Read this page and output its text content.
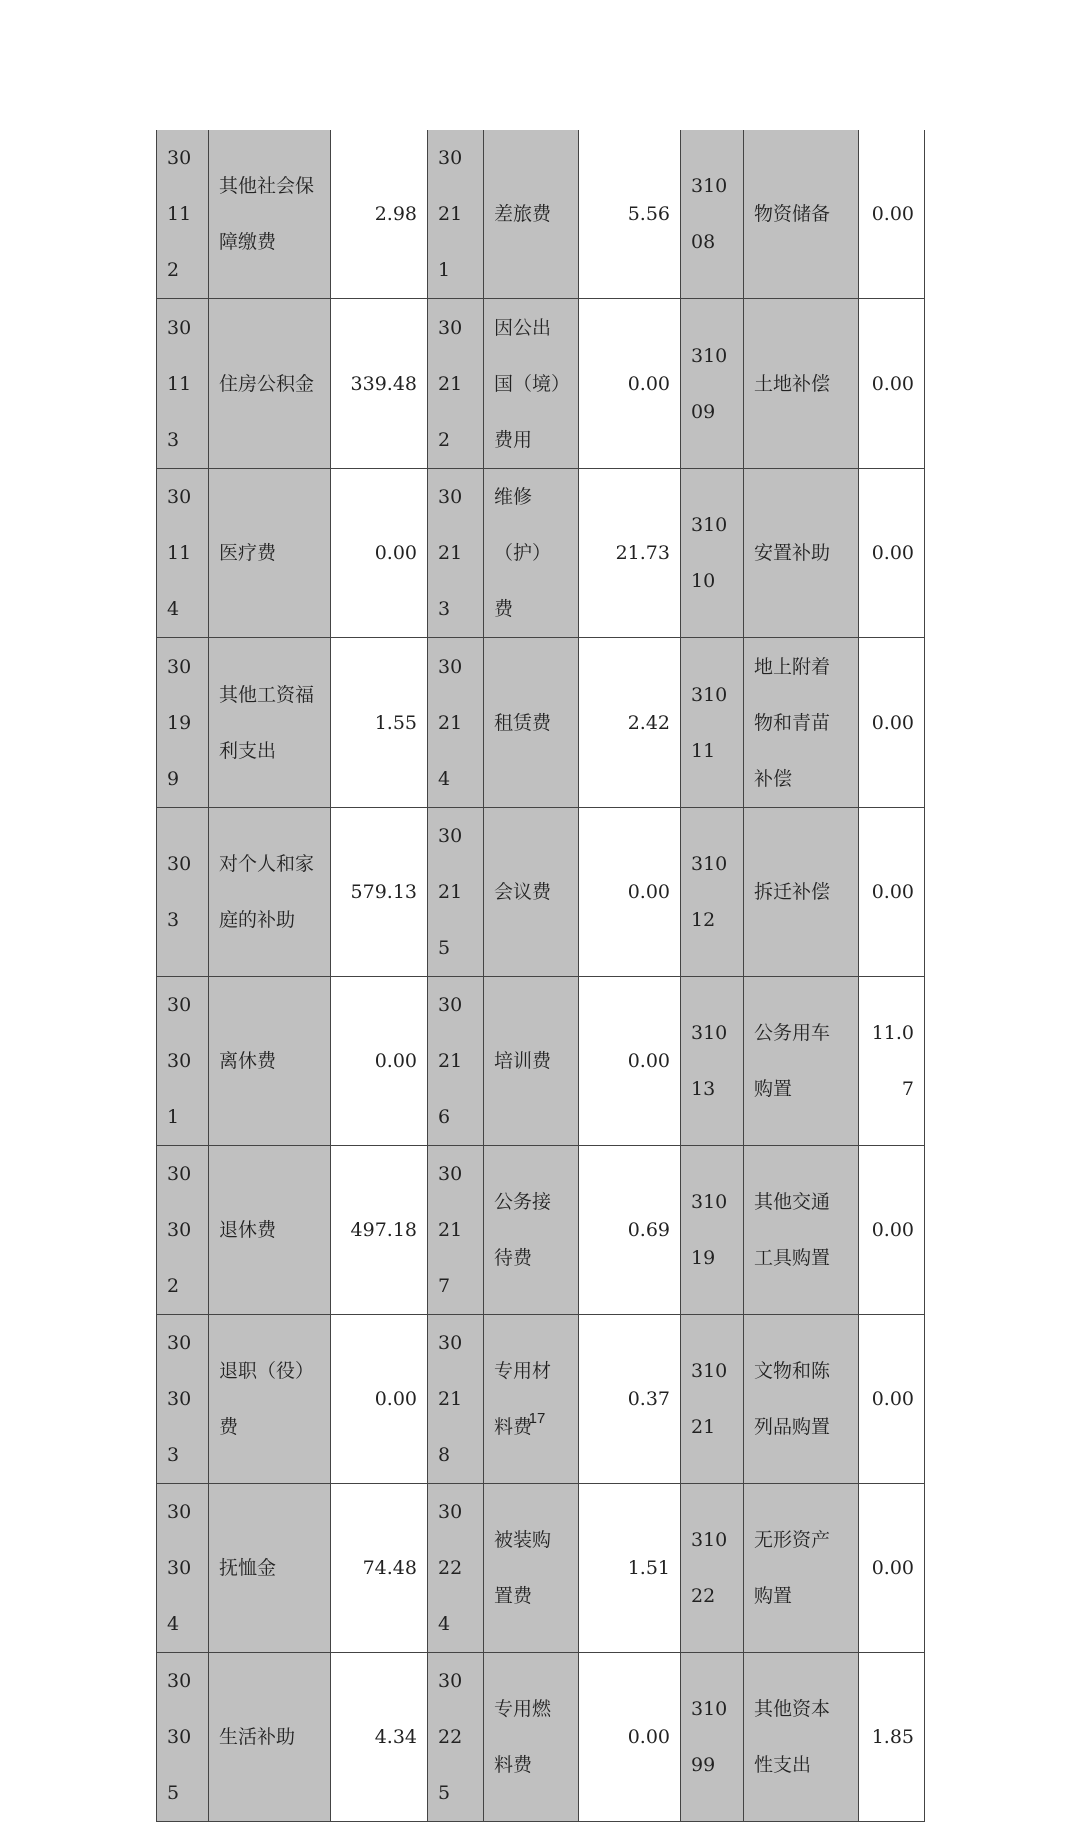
30112	其他社会保障缴费	2.98	30211	差旅费	5.56	31008	物资储备	0.00
30113	住房公积金	339.48	30212	因公出国（境）费用	0.00	31009	土地补偿	0.00
30114	医疗费	0.00	30213	维修（护）费	21.73	31010	安置补助	0.00
30199	其他工资福利支出	1.55	30214	租赁费	2.42	31011	地上附着物和青苗补偿	0.00
303	对个人和家庭的补助	579.13	30215	会议费	0.00	31012	拆迁补偿	0.00
30301	离休费	0.00	30216	培训费	0.00	31013	公务用车购置	11.07
30302	退休费	497.18	30217	公务接待费	0.69	31019	其他交通工具购置	0.00
30303	退职（役）费	0.00	30218	专用材料费	0.37	31021	文物和陈列品购置	0.00
30304	抚恤金	74.48	30224	被装购置费	1.51	31022	无形资产购置	0.00
30305	生活补助	4.34	30225	专用燃料费	0.00	31099	其他资本性支出	1.85
17
